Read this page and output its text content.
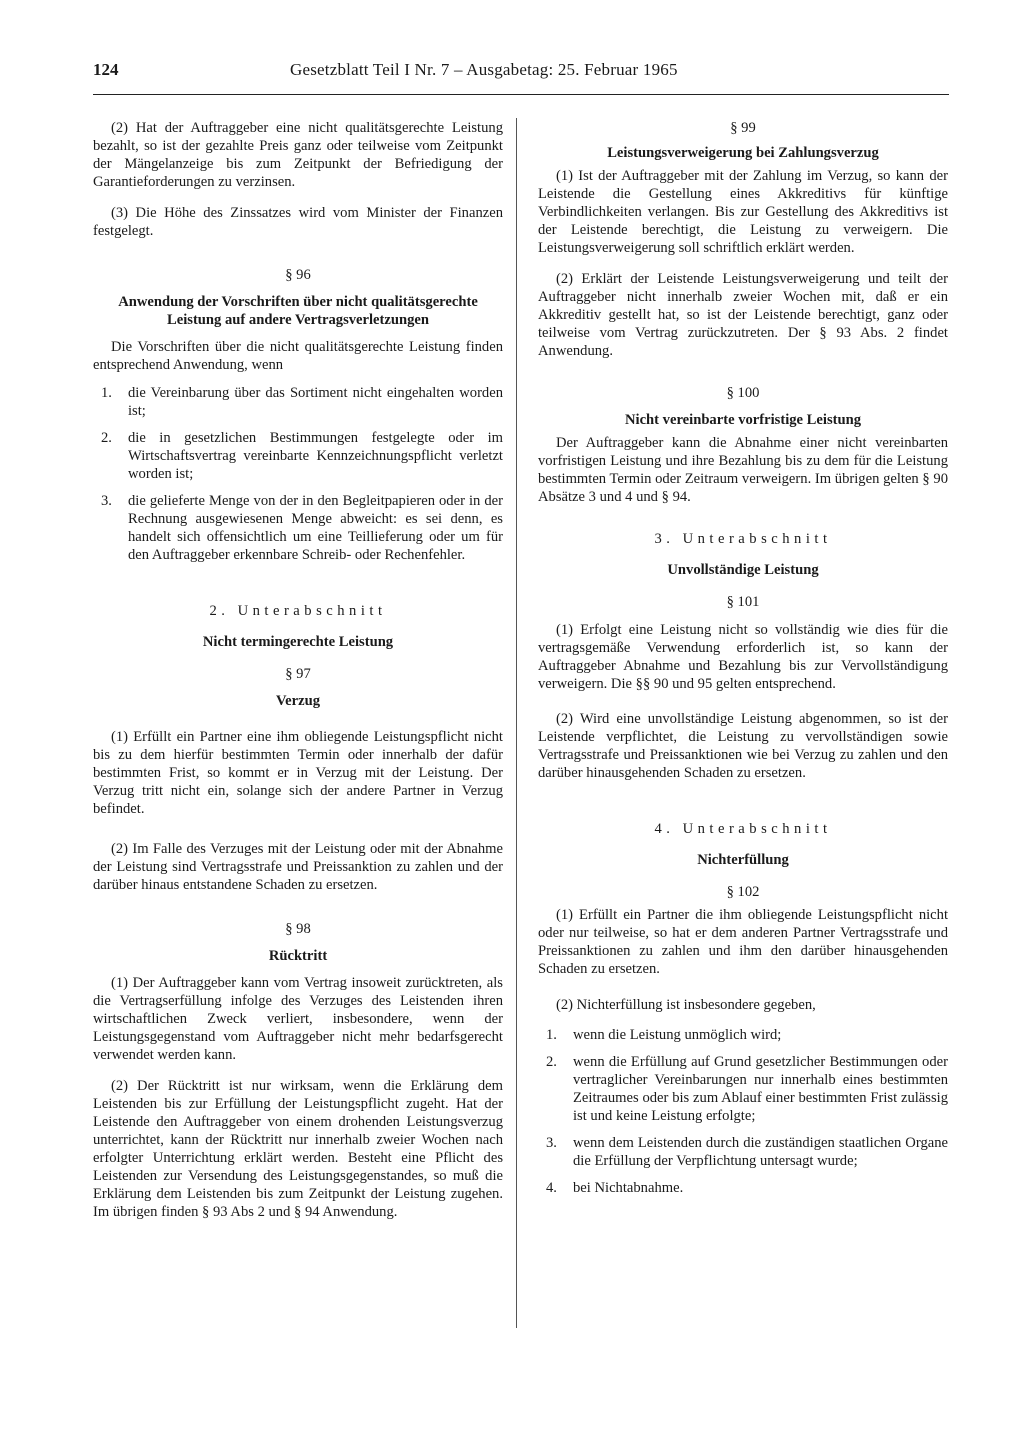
124	Gesetzblatt Teil I Nr. 7 – Ausgabetag: 25. Februar 1965

(2) Hat der Auftraggeber eine nicht qualitätsgerechte Leistung bezahlt, so ist der gezahlte Preis ganz oder teilweise vom Zeitpunkt der Mängelanzeige bis zum Zeitpunkt der Befriedigung der Garantieforderungen zu verzinsen.

(3) Die Höhe des Zinssatzes wird vom Minister der Finanzen festgelegt.

§ 96
Anwendung der Vorschriften über nicht qualitätsgerechte Leistung auf andere Vertragsverletzungen

Die Vorschriften über die nicht qualitätsgerechte Leistung finden entsprechend Anwendung, wenn

1.	die Vereinbarung über das Sortiment nicht eingehalten worden ist;
2.	die in gesetzlichen Bestimmungen festgelegte oder im Wirtschaftsvertrag vereinbarte Kennzeichnungspflicht verletzt worden ist;
3.	die gelieferte Menge von der in den Begleitpapieren oder in der Rechnung ausgewiesenen Menge abweicht: es sei denn, es handelt sich offensichtlich um eine Teillieferung oder um für den Auftraggeber erkennbare Schreib- oder Rechenfehler.
2. Unterabschnitt
Nicht termingerechte Leistung
§ 97
Verzug

(1) Erfüllt ein Partner eine ihm obliegende Leistungspflicht nicht bis zu dem hierfür bestimmten Termin oder innerhalb der dafür bestimmten Frist, so kommt er in Verzug mit der Leistung. Der Verzug tritt nicht ein, solange sich der andere Partner in Verzug befindet.

(2) Im Falle des Verzuges mit der Leistung oder mit der Abnahme der Leistung sind Vertragsstrafe und Preissanktion zu zahlen und der darüber hinaus entstandene Schaden zu ersetzen.

§ 98
Rücktritt

(1) Der Auftraggeber kann vom Vertrag insoweit zurücktreten, als die Vertragserfüllung infolge des Verzuges des Leistenden ihren wirtschaftlichen Zweck verliert, insbesondere, wenn der Leistungsgegenstand vom Auftraggeber nicht mehr bedarfsgerecht verwendet werden kann.

(2) Der Rücktritt ist nur wirksam, wenn die Erklärung dem Leistenden bis zur Erfüllung der Leistungspflicht zugeht. Hat der Leistende den Auftraggeber von einem drohenden Leistungsverzug unterrichtet, kann der Rücktritt nur innerhalb zweier Wochen nach erfolgter Unterrichtung erklärt werden. Besteht eine Pflicht des Leistenden zur Versendung des Leistungsgegenstandes, so muß die Erklärung dem Leistenden bis zum Zeitpunkt der Leistung zugehen. Im übrigen finden § 93 Abs 2 und § 94 Anwendung.

§ 99
Leistungsverweigerung bei Zahlungsverzug

(1) Ist der Auftraggeber mit der Zahlung im Verzug, so kann der Leistende die Gestellung eines Akkreditivs für künftige Verbindlichkeiten verlangen. Bis zur Gestellung des Akkreditivs ist der Leistende berechtigt, die Leistung zu verweigern. Die Leistungsverweigerung soll schriftlich erklärt werden.

(2) Erklärt der Leistende Leistungsverweigerung und teilt der Auftraggeber nicht innerhalb zweier Wochen mit, daß er ein Akkreditiv gestellt hat, so ist der Leistende berechtigt, ganz oder teilweise vom Vertrag zurückzutreten. Der § 93 Abs. 2 findet Anwendung.

§ 100
Nicht vereinbarte vorfristige Leistung

Der Auftraggeber kann die Abnahme einer nicht vereinbarten vorfristigen Leistung und ihre Bezahlung bis zu dem für die Leistung bestimmten Termin oder Zeitraum verweigern. Im übrigen gelten § 90 Absätze 3 und 4 und § 94.

3. Unterabschnitt
Unvollständige Leistung
§ 101

(1) Erfolgt eine Leistung nicht so vollständig wie dies für die vertragsgemäße Verwendung erforderlich ist, so kann der Auftraggeber Abnahme und Bezahlung bis zur Vervollständigung verweigern. Die §§ 90 und 95 gelten entsprechend.

(2) Wird eine unvollständige Leistung abgenommen, so ist der Leistende verpflichtet, die Leistung zu vervollständigen sowie Vertragsstrafe und Preissanktionen wie bei Verzug zu zahlen und den darüber hinausgehenden Schaden zu ersetzen.

4. Unterabschnitt
Nichterfüllung
§ 102

(1) Erfüllt ein Partner die ihm obliegende Leistungspflicht nicht oder nur teilweise, so hat er dem anderen Partner Vertragsstrafe und Preissanktionen zu zahlen und ihm den darüber hinausgehenden Schaden zu ersetzen.

(2) Nichterfüllung ist insbesondere gegeben,

1.	wenn die Leistung unmöglich wird;
2.	wenn die Erfüllung auf Grund gesetzlicher Bestimmungen oder vertraglicher Vereinbarungen nur innerhalb eines bestimmten Zeitraumes oder bis zum Ablauf einer bestimmten Frist zulässig ist und keine Leistung erfolgte;
3.	wenn dem Leistenden durch die zuständigen staatlichen Organe die Erfüllung der Verpflichtung untersagt wurde;
4.	bei Nichtabnahme.
